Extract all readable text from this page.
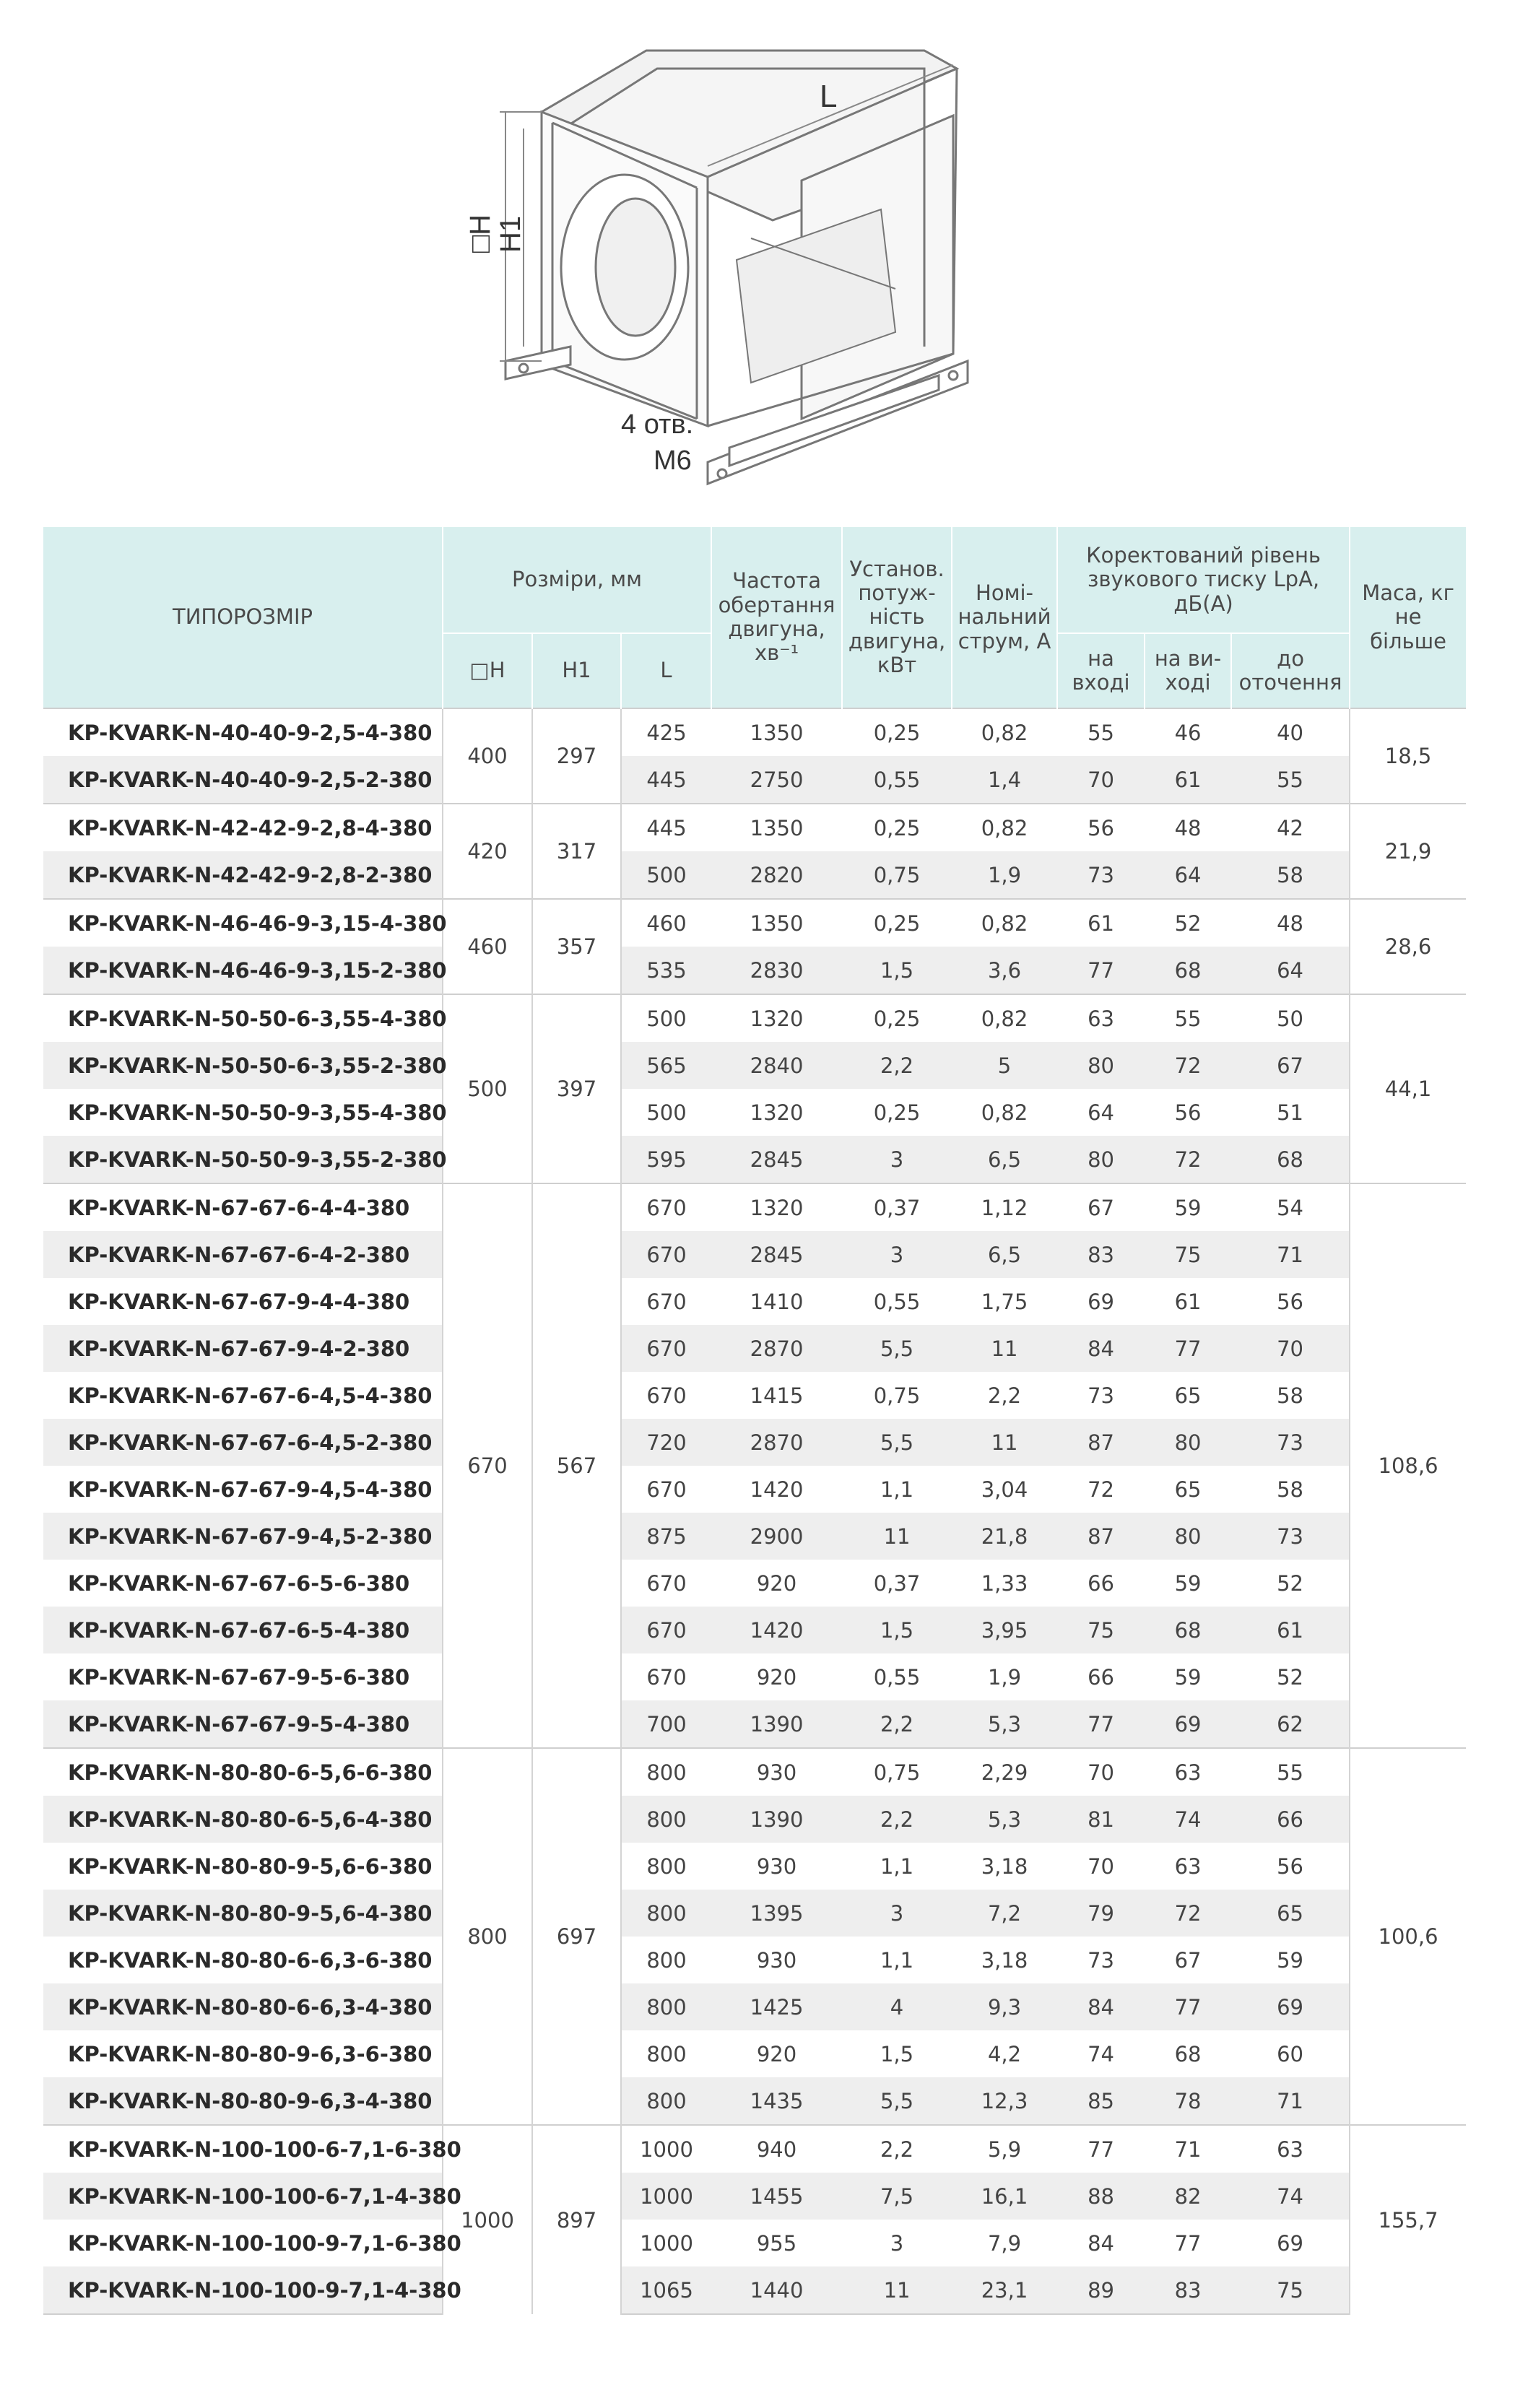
L
□H
H1
4 отв.
M6
ТИПОРОЗМІР	Розміри, мм			Частота обертання двигуна, хв⁻¹	Установ. потуж-ність двигуна, кВт	Номі-нальний струм, А	Коректований рівень звукового тиску LpA, дБ(А)			Маса, кг не більше
	□H	H1	L				на вході	на ви-ході	до оточення	
KP-KVARK-N-40-40-9-2,5-4-380	400	297	425	1350	0,25	0,82	55	46	40	18,5
KP-KVARK-N-40-40-9-2,5-2-380			445	2750	0,55	1,4	70	61	55	
KP-KVARK-N-42-42-9-2,8-4-380	420	317	445	1350	0,25	0,82	56	48	42	21,9
KP-KVARK-N-42-42-9-2,8-2-380			500	2820	0,75	1,9	73	64	58	
KP-KVARK-N-46-46-9-3,15-4-380	460	357	460	1350	0,25	0,82	61	52	48	28,6
KP-KVARK-N-46-46-9-3,15-2-380			535	2830	1,5	3,6	77	68	64	
KP-KVARK-N-50-50-6-3,55-4-380	500	397	500	1320	0,25	0,82	63	55	50	44,1
KP-KVARK-N-50-50-6-3,55-2-380			565	2840	2,2	5	80	72	67	
KP-KVARK-N-50-50-9-3,55-4-380			500	1320	0,25	0,82	64	56	51	
KP-KVARK-N-50-50-9-3,55-2-380			595	2845	3	6,5	80	72	68	
KP-KVARK-N-67-67-6-4-4-380	670	567	670	1320	0,37	1,12	67	59	54	108,6
KP-KVARK-N-67-67-6-4-2-380			670	2845	3	6,5	83	75	71	
KP-KVARK-N-67-67-9-4-4-380			670	1410	0,55	1,75	69	61	56	
KP-KVARK-N-67-67-9-4-2-380			670	2870	5,5	11	84	77	70	
KP-KVARK-N-67-67-6-4,5-4-380			670	1415	0,75	2,2	73	65	58	
KP-KVARK-N-67-67-6-4,5-2-380			720	2870	5,5	11	87	80	73	
KP-KVARK-N-67-67-9-4,5-4-380			670	1420	1,1	3,04	72	65	58	
KP-KVARK-N-67-67-9-4,5-2-380			875	2900	11	21,8	87	80	73	
KP-KVARK-N-67-67-6-5-6-380			670	920	0,37	1,33	66	59	52	
KP-KVARK-N-67-67-6-5-4-380			670	1420	1,5	3,95	75	68	61	
KP-KVARK-N-67-67-9-5-6-380			670	920	0,55	1,9	66	59	52	
KP-KVARK-N-67-67-9-5-4-380			700	1390	2,2	5,3	77	69	62	
KP-KVARK-N-80-80-6-5,6-6-380	800	697	800	930	0,75	2,29	70	63	55	100,6
KP-KVARK-N-80-80-6-5,6-4-380			800	1390	2,2	5,3	81	74	66	
KP-KVARK-N-80-80-9-5,6-6-380			800	930	1,1	3,18	70	63	56	
KP-KVARK-N-80-80-9-5,6-4-380			800	1395	3	7,2	79	72	65	
KP-KVARK-N-80-80-6-6,3-6-380			800	930	1,1	3,18	73	67	59	
KP-KVARK-N-80-80-6-6,3-4-380			800	1425	4	9,3	84	77	69	
KP-KVARK-N-80-80-9-6,3-6-380			800	920	1,5	4,2	74	68	60	
KP-KVARK-N-80-80-9-6,3-4-380			800	1435	5,5	12,3	85	78	71	
KP-KVARK-N-100-100-6-7,1-6-380	1000	897	1000	940	2,2	5,9	77	71	63	155,7
KP-KVARK-N-100-100-6-7,1-4-380			1000	1455	7,5	16,1	88	82	74	
KP-KVARK-N-100-100-9-7,1-6-380			1000	955	3	7,9	84	77	69	
KP-KVARK-N-100-100-9-7,1-4-380			1065	1440	11	23,1	89	83	75	
